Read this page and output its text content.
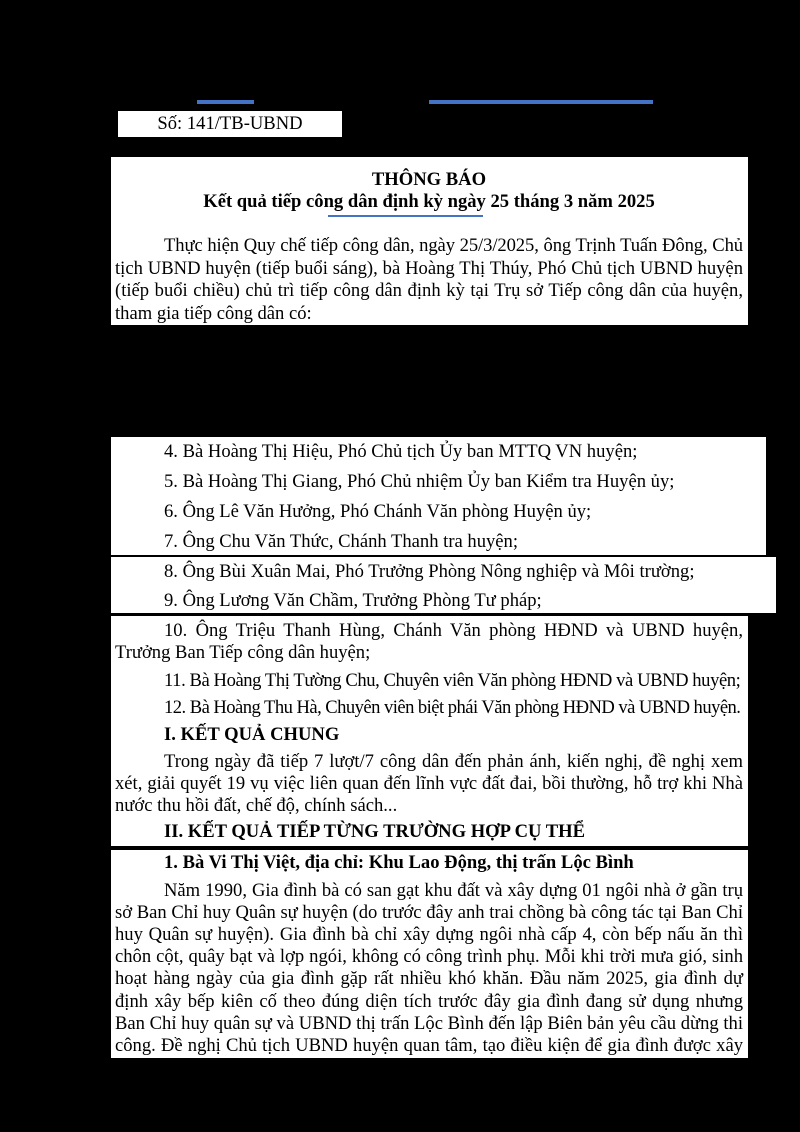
Số: 141/TB-UBND
THÔNG BÁO
Kết quả tiếp công dân định kỳ ngày 25 tháng 3 năm 2025
Thực hiện Quy chế tiếp công dân, ngày 25/3/2025, ông Trịnh Tuấn Đông, Chủ
tịch UBND huyện (tiếp buổi sáng), bà Hoàng Thị Thúy, Phó Chủ tịch UBND huyện
(tiếp buổi chiều) chủ trì tiếp công dân định kỳ tại Trụ sở Tiếp công dân của huyện,
tham gia tiếp công dân có:
4. Bà Hoàng Thị Hiệu, Phó Chủ tịch Ủy ban MTTQ VN huyện;
5. Bà Hoàng Thị Giang, Phó Chủ nhiệm Ủy ban Kiểm tra Huyện ủy;
6. Ông Lê Văn Hưởng, Phó Chánh Văn phòng Huyện ủy;
7. Ông Chu Văn Thức, Chánh Thanh tra huyện;
8. Ông Bùi Xuân Mai, Phó Trưởng Phòng Nông nghiệp và Môi trường;
9. Ông Lương Văn Chầm, Trưởng Phòng Tư pháp;
10. Ông Triệu Thanh Hùng, Chánh Văn phòng HĐND và UBND huyện,
Trưởng Ban Tiếp công dân huyện;
11. Bà Hoàng Thị Tường Chu, Chuyên viên Văn phòng HĐND và UBND huyện;
12. Bà Hoàng Thu Hà, Chuyên viên biệt phái Văn phòng HĐND và UBND huyện.
I. KẾT QUẢ CHUNG
Trong ngày đã tiếp 7 lượt/7 công dân đến phản ánh, kiến nghị, đề nghị xem
xét, giải quyết 19 vụ việc liên quan đến lĩnh vực đất đai, bồi thường, hỗ trợ khi Nhà
nước thu hồi đất, chế độ, chính sách...
II. KẾT QUẢ TIẾP TỪNG TRƯỜNG HỢP CỤ THỂ
1. Bà Vi Thị Việt, địa chỉ: Khu Lao Động, thị trấn Lộc Bình
Năm 1990, Gia đình bà có san gạt khu đất và xây dựng 01 ngôi nhà ở gần trụ
sở Ban Chỉ huy Quân sự huyện (do trước đây anh trai chồng bà công tác tại Ban Chỉ
huy Quân sự huyện). Gia đình bà chỉ xây dựng ngôi nhà cấp 4, còn bếp nấu ăn thì
chôn cột, quây bạt và lợp ngói, không có công trình phụ. Mỗi khi trời mưa gió, sinh
hoạt hàng ngày của gia đình gặp rất nhiều khó khăn. Đầu năm 2025, gia đình dự
định xây bếp kiên cố theo đúng diện tích trước đây gia đình đang sử dụng nhưng
Ban Chỉ huy quân sự và UBND thị trấn Lộc Bình đến lập Biên bản yêu cầu dừng thi
công. Đề nghị Chủ tịch UBND huyện quan tâm, tạo điều kiện để gia đình được xây
